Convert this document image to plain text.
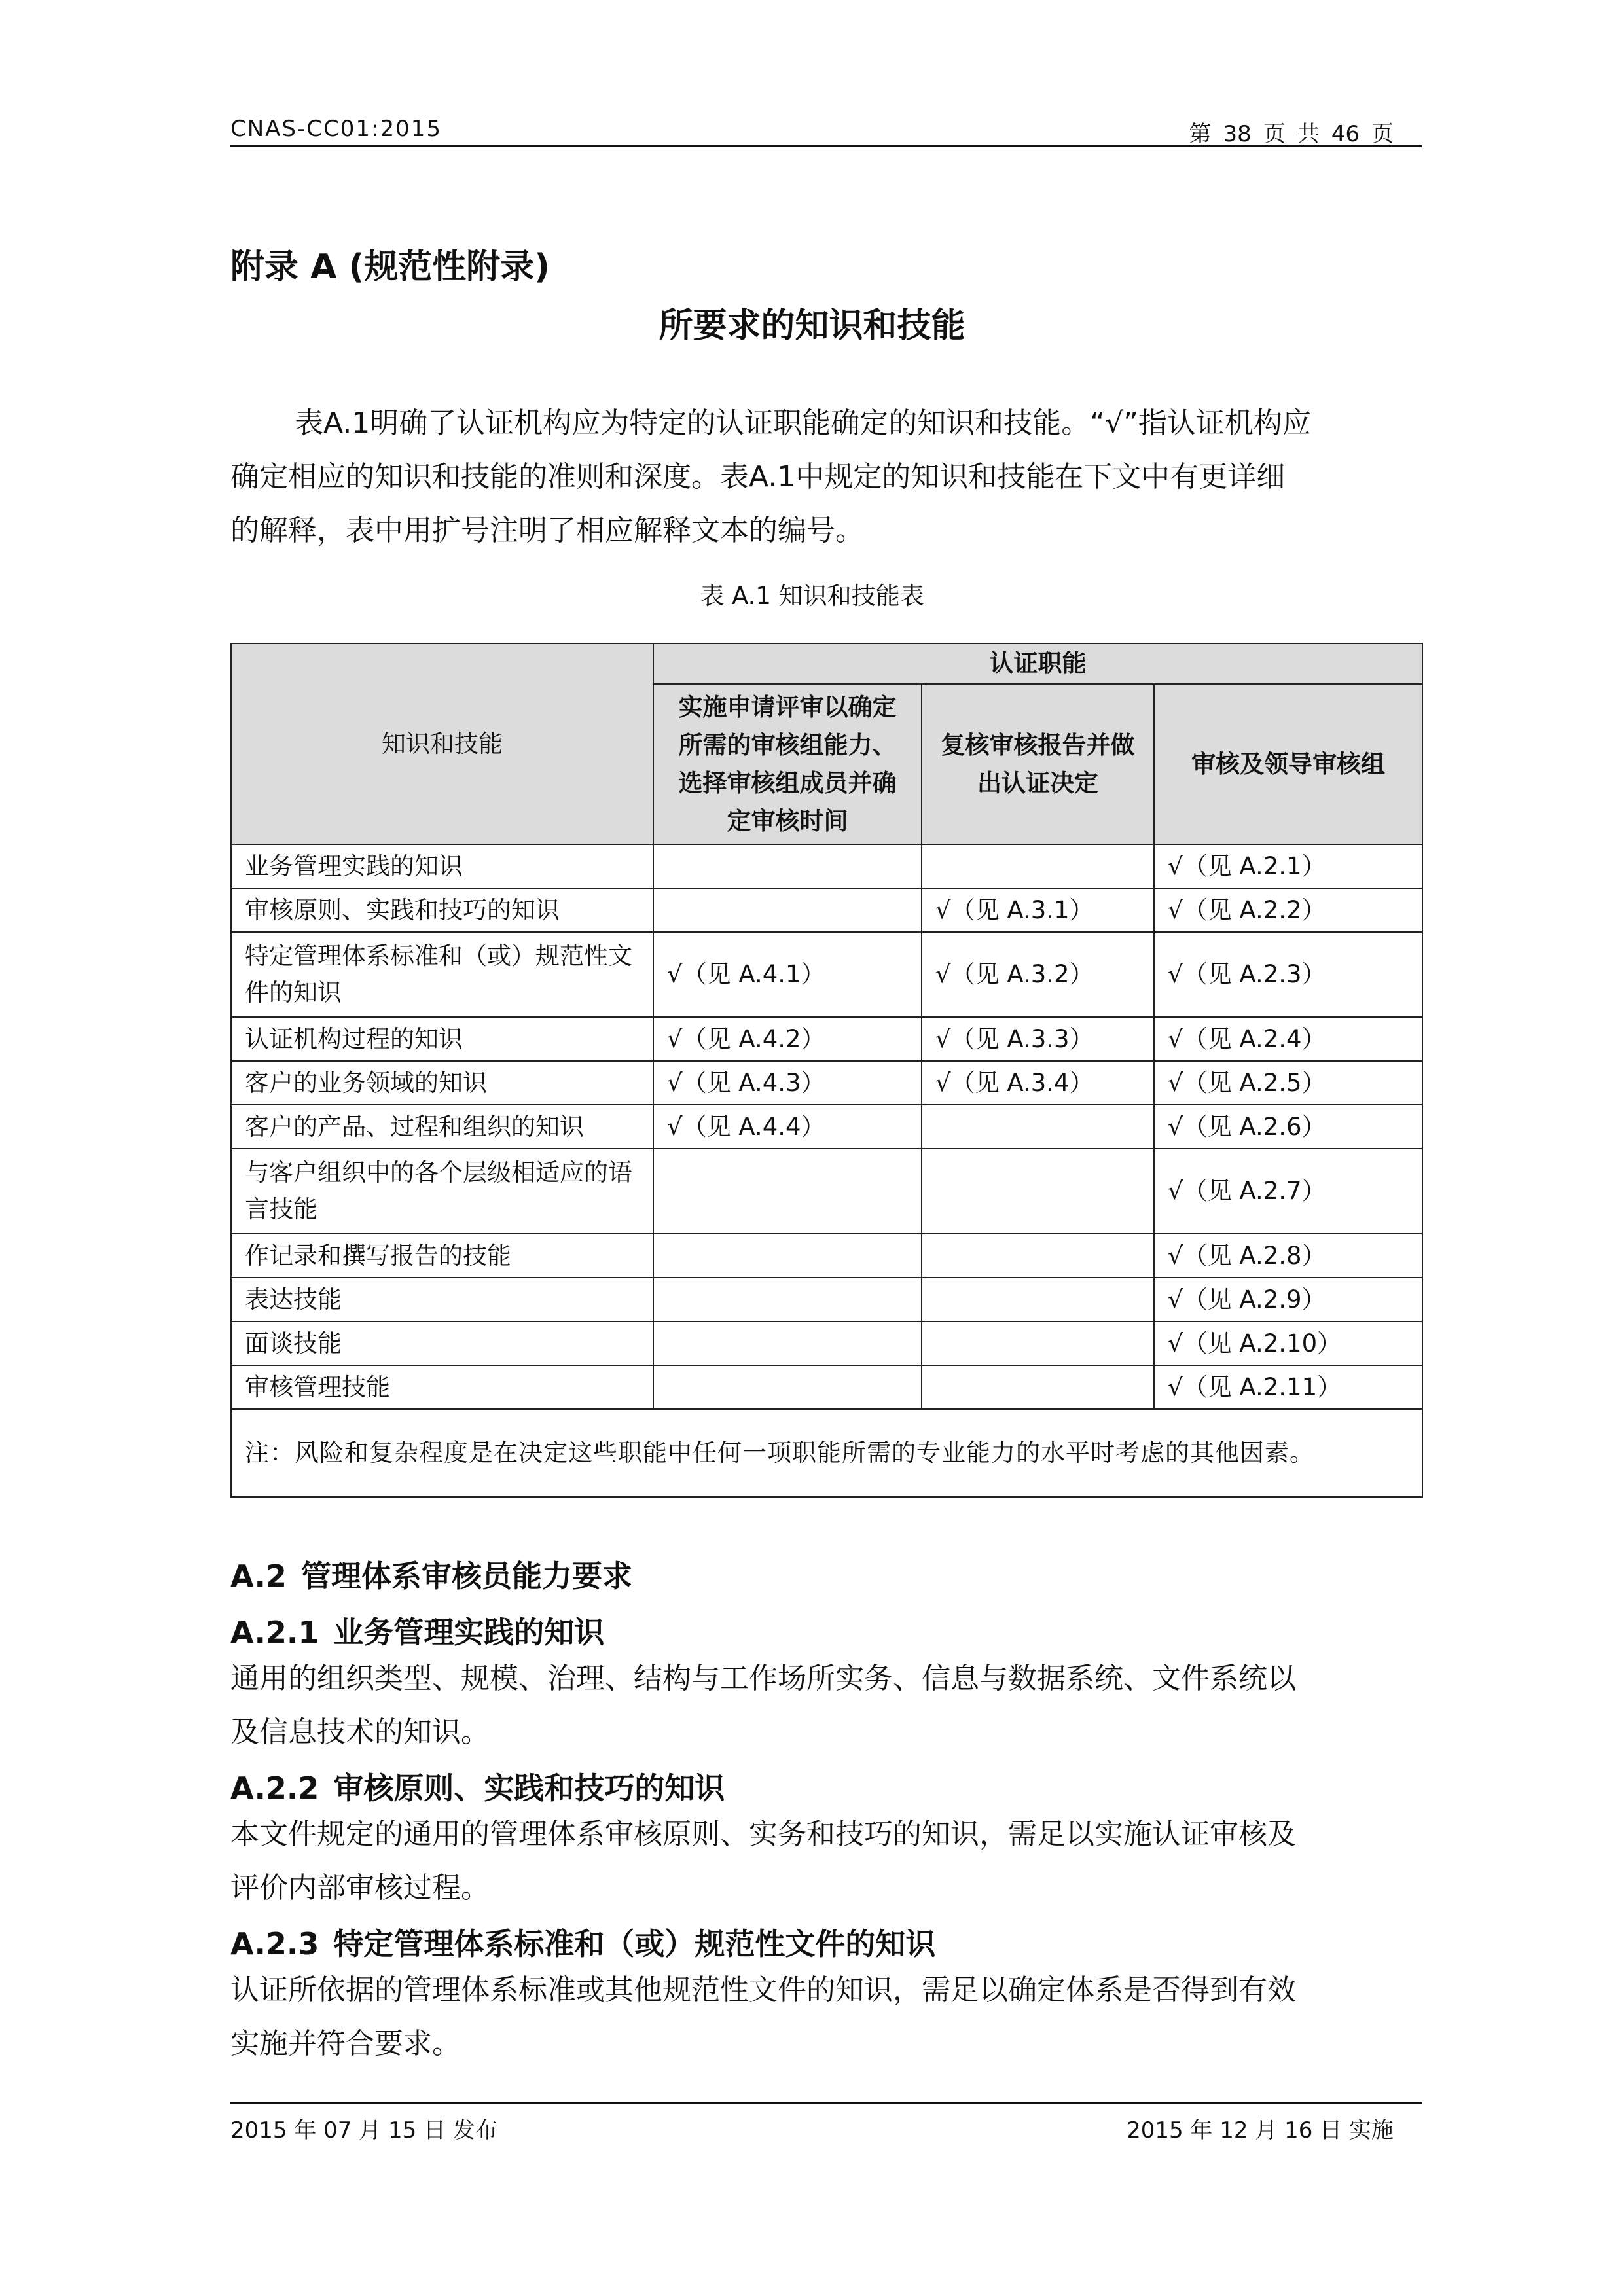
CNAS-CC01:2015	第 38 页 共 46 页
附录 A (规范性附录)
所要求的知识和技能
表A.1明确了认证机构应为特定的认证职能确定的知识和技能。“√”指认证机构应
确定相应的知识和技能的准则和深度。表A.1中规定的知识和技能在下文中有更详细
的解释，表中用扩号注明了相应解释文本的编号。
表 A.1 知识和技能表
知识和技能	认证职能		
	实施申请评审以确定所需的审核组能力、选择审核组成员并确定审核时间	复核审核报告并做出认证决定	审核及领导审核组
业务管理实践的知识			√（见 A.2.1）
审核原则、实践和技巧的知识		√（见 A.3.1）	√（见 A.2.2）
特定管理体系标准和（或）规范性文件的知识	√（见 A.4.1）	√（见 A.3.2）	√（见 A.2.3）
认证机构过程的知识	√（见 A.4.2）	√（见 A.3.3）	√（见 A.2.4）
客户的业务领域的知识	√（见 A.4.3）	√（见 A.3.4）	√（见 A.2.5）
客户的产品、过程和组织的知识	√（见 A.4.4）		√（见 A.2.6）
与客户组织中的各个层级相适应的语言技能			√（见 A.2.7）
作记录和撰写报告的技能			√（见 A.2.8）
表达技能			√（见 A.2.9）
面谈技能			√（见 A.2.10）
审核管理技能			√（见 A.2.11）
注：风险和复杂程度是在决定这些职能中任何一项职能所需的专业能力的水平时考虑的其他因素。			
A.2 管理体系审核员能力要求
A.2.1 业务管理实践的知识
通用的组织类型、规模、治理、结构与工作场所实务、信息与数据系统、文件系统以
及信息技术的知识。
A.2.2 审核原则、实践和技巧的知识
本文件规定的通用的管理体系审核原则、实务和技巧的知识，需足以实施认证审核及
评价内部审核过程。
A.2.3 特定管理体系标准和（或）规范性文件的知识
认证所依据的管理体系标准或其他规范性文件的知识，需足以确定体系是否得到有效
实施并符合要求。
2015 年 07 月 15 日 发布	2015 年 12 月 16 日 实施
